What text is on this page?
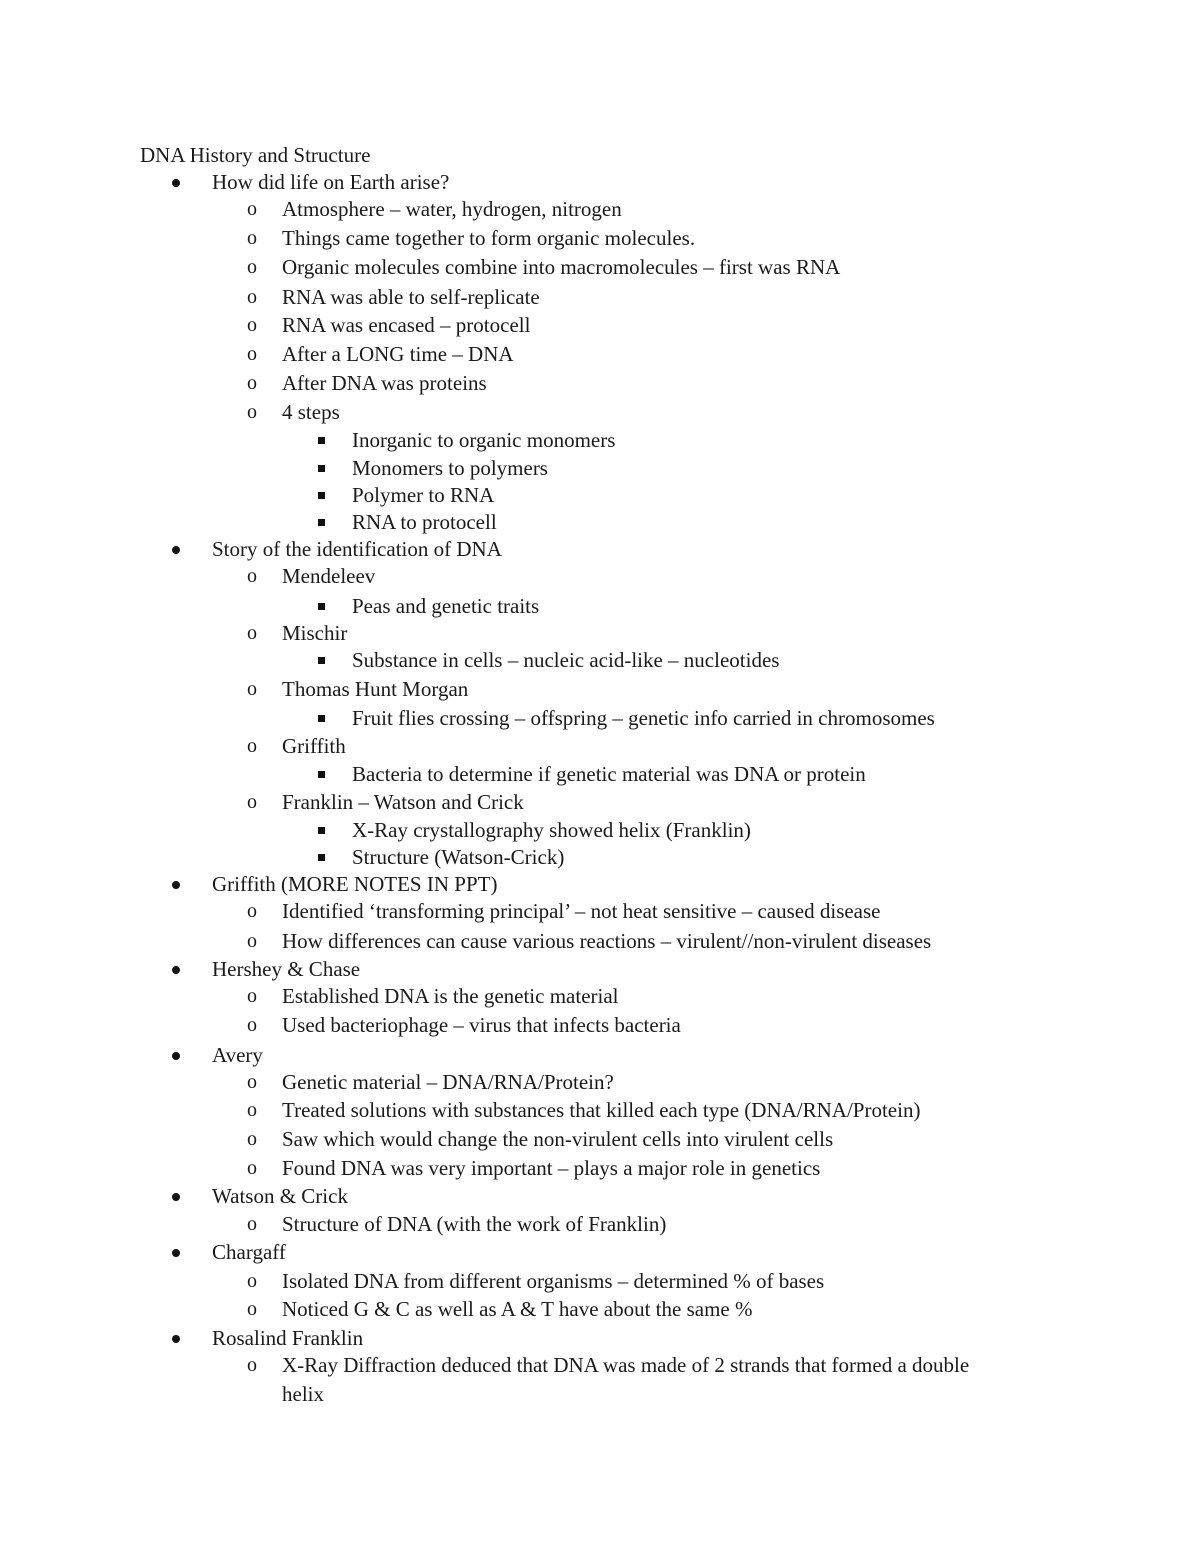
DNA History and Structure
How did life on Earth arise?
o Atmosphere – water, hydrogen, nitrogen
o Things came together to form organic molecules.
o Organic molecules combine into macromolecules – first was RNA
o RNA was able to self-replicate
o RNA was encased – protocell
o After a LONG time – DNA
o After DNA was proteins
o 4 steps
Inorganic to organic monomers
Monomers to polymers
Polymer to RNA
RNA to protocell
Story of the identification of DNA
o Mendeleev
Peas and genetic traits
o Mischir
Substance in cells – nucleic acid-like – nucleotides
o Thomas Hunt Morgan
Fruit flies crossing – offspring – genetic info carried in chromosomes
o Griffith
Bacteria to determine if genetic material was DNA or protein
o Franklin – Watson and Crick
X-Ray crystallography showed helix (Franklin)
Structure (Watson-Crick)
Griffith (MORE NOTES IN PPT)
o Identified ‘transforming principal’ – not heat sensitive – caused disease
o How differences can cause various reactions – virulent//non-virulent diseases
Hershey & Chase
o Established DNA is the genetic material
o Used bacteriophage – virus that infects bacteria
Avery
o Genetic material – DNA/RNA/Protein?
o Treated solutions with substances that killed each type (DNA/RNA/Protein)
o Saw which would change the non-virulent cells into virulent cells
o Found DNA was very important – plays a major role in genetics
Watson & Crick
o Structure of DNA (with the work of Franklin)
Chargaff
o Isolated DNA from different organisms – determined % of bases
o Noticed G & C as well as A & T have about the same %
Rosalind Franklin
o X-Ray Diffraction deduced that DNA was made of 2 strands that formed a double
helix
